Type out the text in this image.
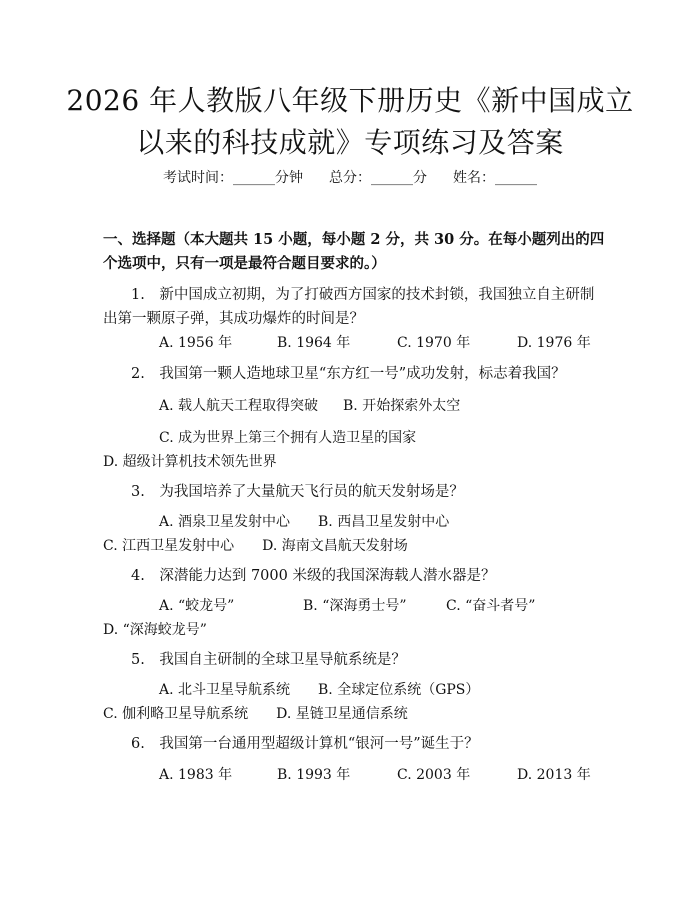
2026 年人教版八年级下册历史《新中国成立
以来的科技成就》专项练习及答案
考试时间：______分钟 总分：______分 姓名：______
一、选择题（本大题共 15 小题，每小题 2 分，共 30 分。在每小题列出的四个选项中，只有一项是最符合题目要求的。）
1.　新中国成立初期，为了打破西方国家的技术封锁，我国独立自主研制出第一颗原子弹，其成功爆炸的时间是？
A. 1956 年	B. 1964 年	C. 1970 年	D. 1976 年
2.　我国第一颗人造地球卫星“东方红一号”成功发射，标志着我国？
A. 载人航天工程取得突破 B. 开始探索外太空
C. 成为世界上第三个拥有人造卫星的国家　　D. 超级计算机技术领先世界
3.　为我国培养了大量航天飞行员的航天发射场是？
A. 酒泉卫星发射中心　　 B. 西昌卫星发射中心　　C. 江西卫星发射中心　　 D. 海南文昌航天发射场
4.　深潜能力达到 7000 米级的我国深海载人潜水器是？
A. “蛟龙号”	B. “深海勇士号”	C. “奋斗者号”
D. “深海蛟龙号”
5.　我国自主研制的全球卫星导航系统是？
A. 北斗卫星导航系统　　 B. 全球定位系统（GPS）　　C. 伽利略卫星导航系统　　 D. 星链卫星通信系统
6.　我国第一台通用型超级计算机“银河一号”诞生于？
A. 1983 年	B. 1993 年	C. 2003 年	D. 2013 年
